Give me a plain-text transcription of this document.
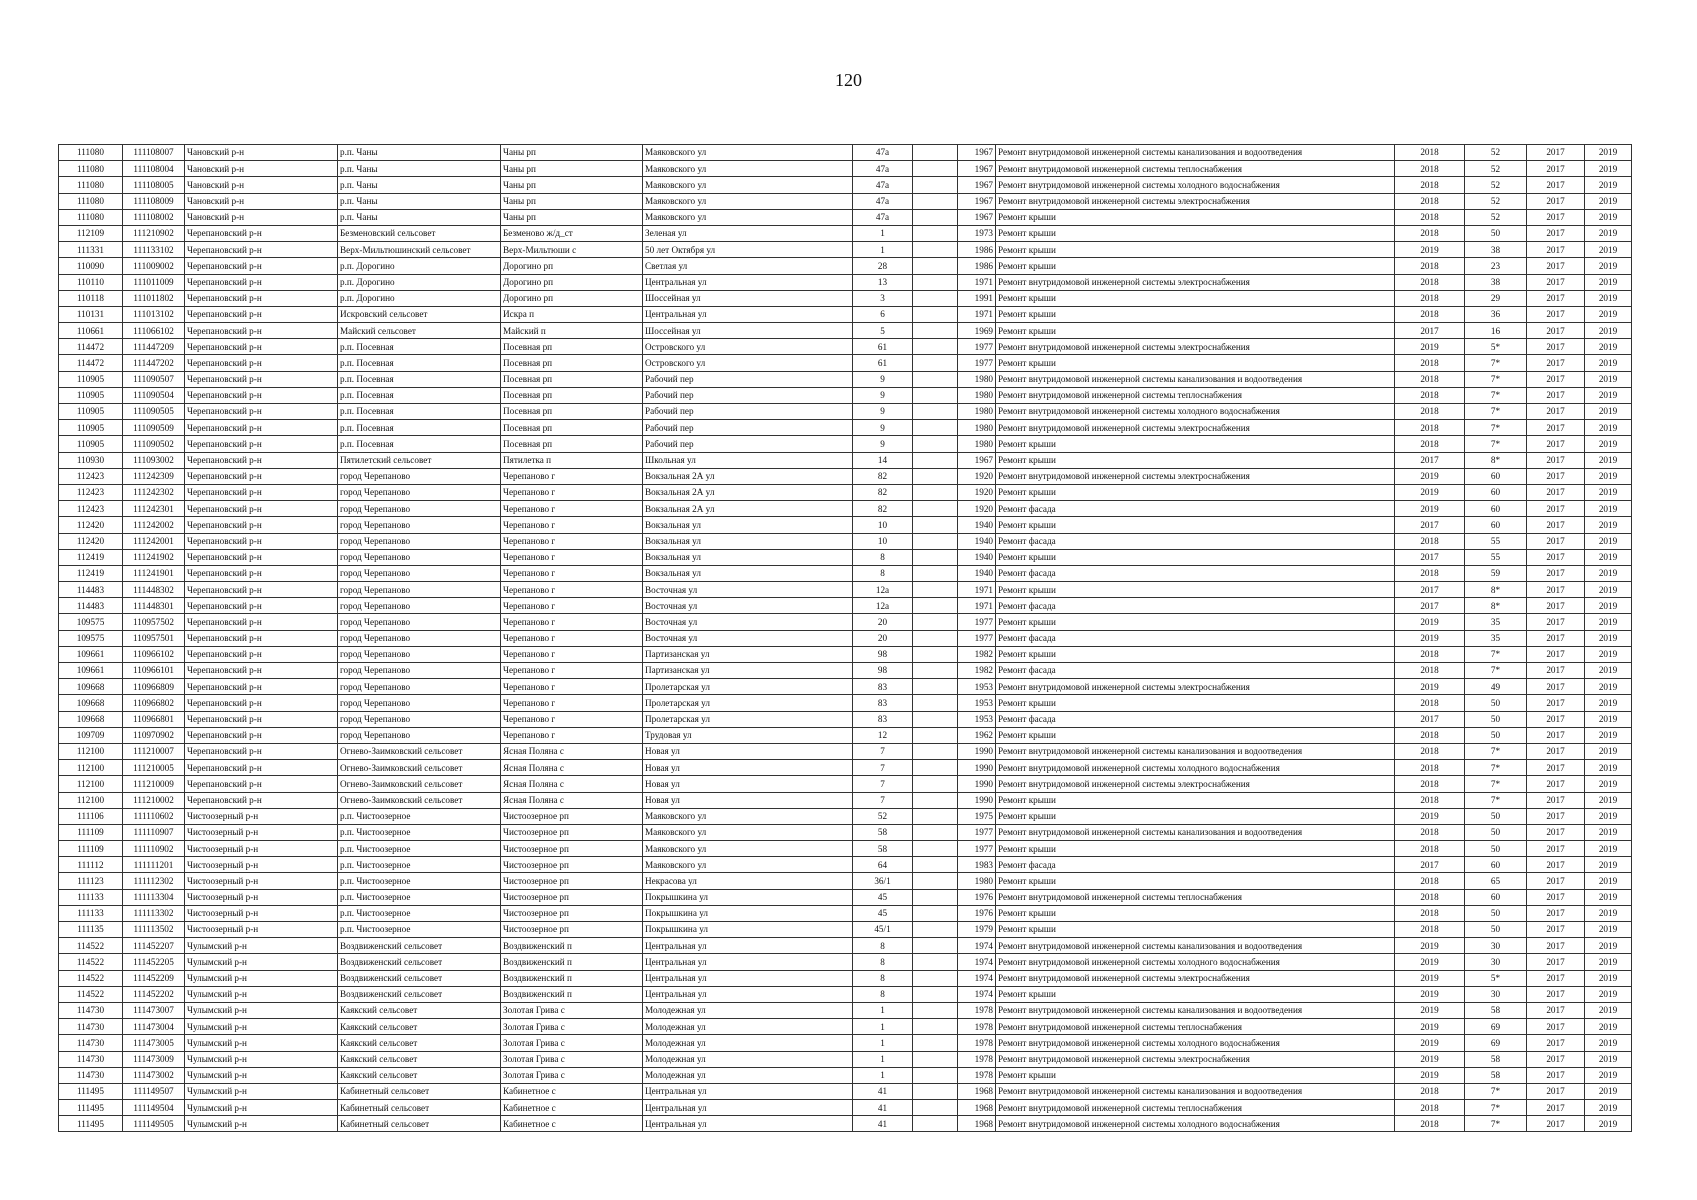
120
111080	111108007	Чановский р-н	р.п. Чаны	Чаны рп	Маяковского ул	47а		1967	Ремонт внутридомовой инженерной системы канализования и водоотведения	2018	52	2017	2019
111080	111108004	Чановский р-н	р.п. Чаны	Чаны рп	Маяковского ул	47а		1967	Ремонт внутридомовой инженерной системы теплоснабжения	2018	52	2017	2019
111080	111108005	Чановский р-н	р.п. Чаны	Чаны рп	Маяковского ул	47а		1967	Ремонт внутридомовой инженерной системы холодного водоснабжения	2018	52	2017	2019
111080	111108009	Чановский р-н	р.п. Чаны	Чаны рп	Маяковского ул	47а		1967	Ремонт внутридомовой инженерной системы электроснабжения	2018	52	2017	2019
111080	111108002	Чановский р-н	р.п. Чаны	Чаны рп	Маяковского ул	47а		1967	Ремонт крыши	2018	52	2017	2019
112109	111210902	Черепановский р-н	Безменовский сельсовет	Безменово ж/д_ст	Зеленая ул	1		1973	Ремонт крыши	2018	50	2017	2019
111331	111133102	Черепановский р-н	Верх-Мильтюшинский сельсовет	Верх-Мильтюши с	50 лет Октября ул	1		1986	Ремонт крыши	2019	38	2017	2019
110090	111009002	Черепановский р-н	р.п. Дорогино	Дорогино рп	Светлая ул	28		1986	Ремонт крыши	2018	23	2017	2019
110110	111011009	Черепановский р-н	р.п. Дорогино	Дорогино рп	Центральная ул	13		1971	Ремонт внутридомовой инженерной системы электроснабжения	2018	38	2017	2019
110118	111011802	Черепановский р-н	р.п. Дорогино	Дорогино рп	Шоссейная ул	3		1991	Ремонт крыши	2018	29	2017	2019
110131	111013102	Черепановский р-н	Искровский сельсовет	Искра п	Центральная ул	6		1971	Ремонт крыши	2018	36	2017	2019
110661	111066102	Черепановский р-н	Майский сельсовет	Майский п	Шоссейная ул	5		1969	Ремонт крыши	2017	16	2017	2019
114472	111447209	Черепановский р-н	р.п. Посевная	Посевная рп	Островского ул	61		1977	Ремонт внутридомовой инженерной системы электроснабжения	2019	5*	2017	2019
114472	111447202	Черепановский р-н	р.п. Посевная	Посевная рп	Островского ул	61		1977	Ремонт крыши	2018	7*	2017	2019
110905	111090507	Черепановский р-н	р.п. Посевная	Посевная рп	Рабочий пер	9		1980	Ремонт внутридомовой инженерной системы канализования и водоотведения	2018	7*	2017	2019
110905	111090504	Черепановский р-н	р.п. Посевная	Посевная рп	Рабочий пер	9		1980	Ремонт внутридомовой инженерной системы теплоснабжения	2018	7*	2017	2019
110905	111090505	Черепановский р-н	р.п. Посевная	Посевная рп	Рабочий пер	9		1980	Ремонт внутридомовой инженерной системы холодного водоснабжения	2018	7*	2017	2019
110905	111090509	Черепановский р-н	р.п. Посевная	Посевная рп	Рабочий пер	9		1980	Ремонт внутридомовой инженерной системы электроснабжения	2018	7*	2017	2019
110905	111090502	Черепановский р-н	р.п. Посевная	Посевная рп	Рабочий пер	9		1980	Ремонт крыши	2018	7*	2017	2019
110930	111093002	Черепановский р-н	Пятилетский сельсовет	Пятилетка п	Школьная ул	14		1967	Ремонт крыши	2017	8*	2017	2019
112423	111242309	Черепановский р-н	город Черепаново	Черепаново г	Вокзальная 2А ул	82		1920	Ремонт внутридомовой инженерной системы электроснабжения	2019	60	2017	2019
112423	111242302	Черепановский р-н	город Черепаново	Черепаново г	Вокзальная 2А ул	82		1920	Ремонт крыши	2019	60	2017	2019
112423	111242301	Черепановский р-н	город Черепаново	Черепаново г	Вокзальная 2А ул	82		1920	Ремонт фасада	2019	60	2017	2019
112420	111242002	Черепановский р-н	город Черепаново	Черепаново г	Вокзальная ул	10		1940	Ремонт крыши	2017	60	2017	2019
112420	111242001	Черепановский р-н	город Черепаново	Черепаново г	Вокзальная ул	10		1940	Ремонт фасада	2018	55	2017	2019
112419	111241902	Черепановский р-н	город Черепаново	Черепаново г	Вокзальная ул	8		1940	Ремонт крыши	2017	55	2017	2019
112419	111241901	Черепановский р-н	город Черепаново	Черепаново г	Вокзальная ул	8		1940	Ремонт фасада	2018	59	2017	2019
114483	111448302	Черепановский р-н	город Черепаново	Черепаново г	Восточная ул	12а		1971	Ремонт крыши	2017	8*	2017	2019
114483	111448301	Черепановский р-н	город Черепаново	Черепаново г	Восточная ул	12а		1971	Ремонт фасада	2017	8*	2017	2019
109575	110957502	Черепановский р-н	город Черепаново	Черепаново г	Восточная ул	20		1977	Ремонт крыши	2019	35	2017	2019
109575	110957501	Черепановский р-н	город Черепаново	Черепаново г	Восточная ул	20		1977	Ремонт фасада	2019	35	2017	2019
109661	110966102	Черепановский р-н	город Черепаново	Черепаново г	Партизанская ул	98		1982	Ремонт крыши	2018	7*	2017	2019
109661	110966101	Черепановский р-н	город Черепаново	Черепаново г	Партизанская ул	98		1982	Ремонт фасада	2018	7*	2017	2019
109668	110966809	Черепановский р-н	город Черепаново	Черепаново г	Пролетарская ул	83		1953	Ремонт внутридомовой инженерной системы электроснабжения	2019	49	2017	2019
109668	110966802	Черепановский р-н	город Черепаново	Черепаново г	Пролетарская ул	83		1953	Ремонт крыши	2018	50	2017	2019
109668	110966801	Черепановский р-н	город Черепаново	Черепаново г	Пролетарская ул	83		1953	Ремонт фасада	2017	50	2017	2019
109709	110970902	Черепановский р-н	город Черепаново	Черепаново г	Трудовая ул	12		1962	Ремонт крыши	2018	50	2017	2019
112100	111210007	Черепановский р-н	Огнево-Заимковский сельсовет	Ясная Поляна с	Новая ул	7		1990	Ремонт внутридомовой инженерной системы канализования и водоотведения	2018	7*	2017	2019
112100	111210005	Черепановский р-н	Огнево-Заимковский сельсовет	Ясная Поляна с	Новая ул	7		1990	Ремонт внутридомовой инженерной системы холодного водоснабжения	2018	7*	2017	2019
112100	111210009	Черепановский р-н	Огнево-Заимковский сельсовет	Ясная Поляна с	Новая ул	7		1990	Ремонт внутридомовой инженерной системы электроснабжения	2018	7*	2017	2019
112100	111210002	Черепановский р-н	Огнево-Заимковский сельсовет	Ясная Поляна с	Новая ул	7		1990	Ремонт крыши	2018	7*	2017	2019
111106	111110602	Чистоозерный р-н	р.п. Чистоозерное	Чистоозерное рп	Маяковского ул	52		1975	Ремонт крыши	2019	50	2017	2019
111109	111110907	Чистоозерный р-н	р.п. Чистоозерное	Чистоозерное рп	Маяковского ул	58		1977	Ремонт внутридомовой инженерной системы канализования и водоотведения	2018	50	2017	2019
111109	111110902	Чистоозерный р-н	р.п. Чистоозерное	Чистоозерное рп	Маяковского ул	58		1977	Ремонт крыши	2018	50	2017	2019
111112	111111201	Чистоозерный р-н	р.п. Чистоозерное	Чистоозерное рп	Маяковского ул	64		1983	Ремонт фасада	2017	60	2017	2019
111123	111112302	Чистоозерный р-н	р.п. Чистоозерное	Чистоозерное рп	Некрасова ул	36/1		1980	Ремонт крыши	2018	65	2017	2019
111133	111113304	Чистоозерный р-н	р.п. Чистоозерное	Чистоозерное рп	Покрышкина ул	45		1976	Ремонт внутридомовой инженерной системы теплоснабжения	2018	60	2017	2019
111133	111113302	Чистоозерный р-н	р.п. Чистоозерное	Чистоозерное рп	Покрышкина ул	45		1976	Ремонт крыши	2018	50	2017	2019
111135	111113502	Чистоозерный р-н	р.п. Чистоозерное	Чистоозерное рп	Покрышкина ул	45/1		1979	Ремонт крыши	2018	50	2017	2019
114522	111452207	Чулымский р-н	Воздвиженский сельсовет	Воздвиженский п	Центральная ул	8		1974	Ремонт внутридомовой инженерной системы канализования и водоотведения	2019	30	2017	2019
114522	111452205	Чулымский р-н	Воздвиженский сельсовет	Воздвиженский п	Центральная ул	8		1974	Ремонт внутридомовой инженерной системы холодного водоснабжения	2019	30	2017	2019
114522	111452209	Чулымский р-н	Воздвиженский сельсовет	Воздвиженский п	Центральная ул	8		1974	Ремонт внутридомовой инженерной системы электроснабжения	2019	5*	2017	2019
114522	111452202	Чулымский р-н	Воздвиженский сельсовет	Воздвиженский п	Центральная ул	8		1974	Ремонт крыши	2019	30	2017	2019
114730	111473007	Чулымский р-н	Каякский сельсовет	Золотая Грива с	Молодежная ул	1		1978	Ремонт внутридомовой инженерной системы канализования и водоотведения	2019	58	2017	2019
114730	111473004	Чулымский р-н	Каякский сельсовет	Золотая Грива с	Молодежная ул	1		1978	Ремонт внутридомовой инженерной системы теплоснабжения	2019	69	2017	2019
114730	111473005	Чулымский р-н	Каякский сельсовет	Золотая Грива с	Молодежная ул	1		1978	Ремонт внутридомовой инженерной системы холодного водоснабжения	2019	69	2017	2019
114730	111473009	Чулымский р-н	Каякский сельсовет	Золотая Грива с	Молодежная ул	1		1978	Ремонт внутридомовой инженерной системы электроснабжения	2019	58	2017	2019
114730	111473002	Чулымский р-н	Каякский сельсовет	Золотая Грива с	Молодежная ул	1		1978	Ремонт крыши	2019	58	2017	2019
111495	111149507	Чулымский р-н	Кабинетный сельсовет	Кабинетное с	Центральная ул	41		1968	Ремонт внутридомовой инженерной системы канализования и водоотведения	2018	7*	2017	2019
111495	111149504	Чулымский р-н	Кабинетный сельсовет	Кабинетное с	Центральная ул	41		1968	Ремонт внутридомовой инженерной системы теплоснабжения	2018	7*	2017	2019
111495	111149505	Чулымский р-н	Кабинетный сельсовет	Кабинетное с	Центральная ул	41		1968	Ремонт внутридомовой инженерной системы холодного водоснабжения	2018	7*	2017	2019
